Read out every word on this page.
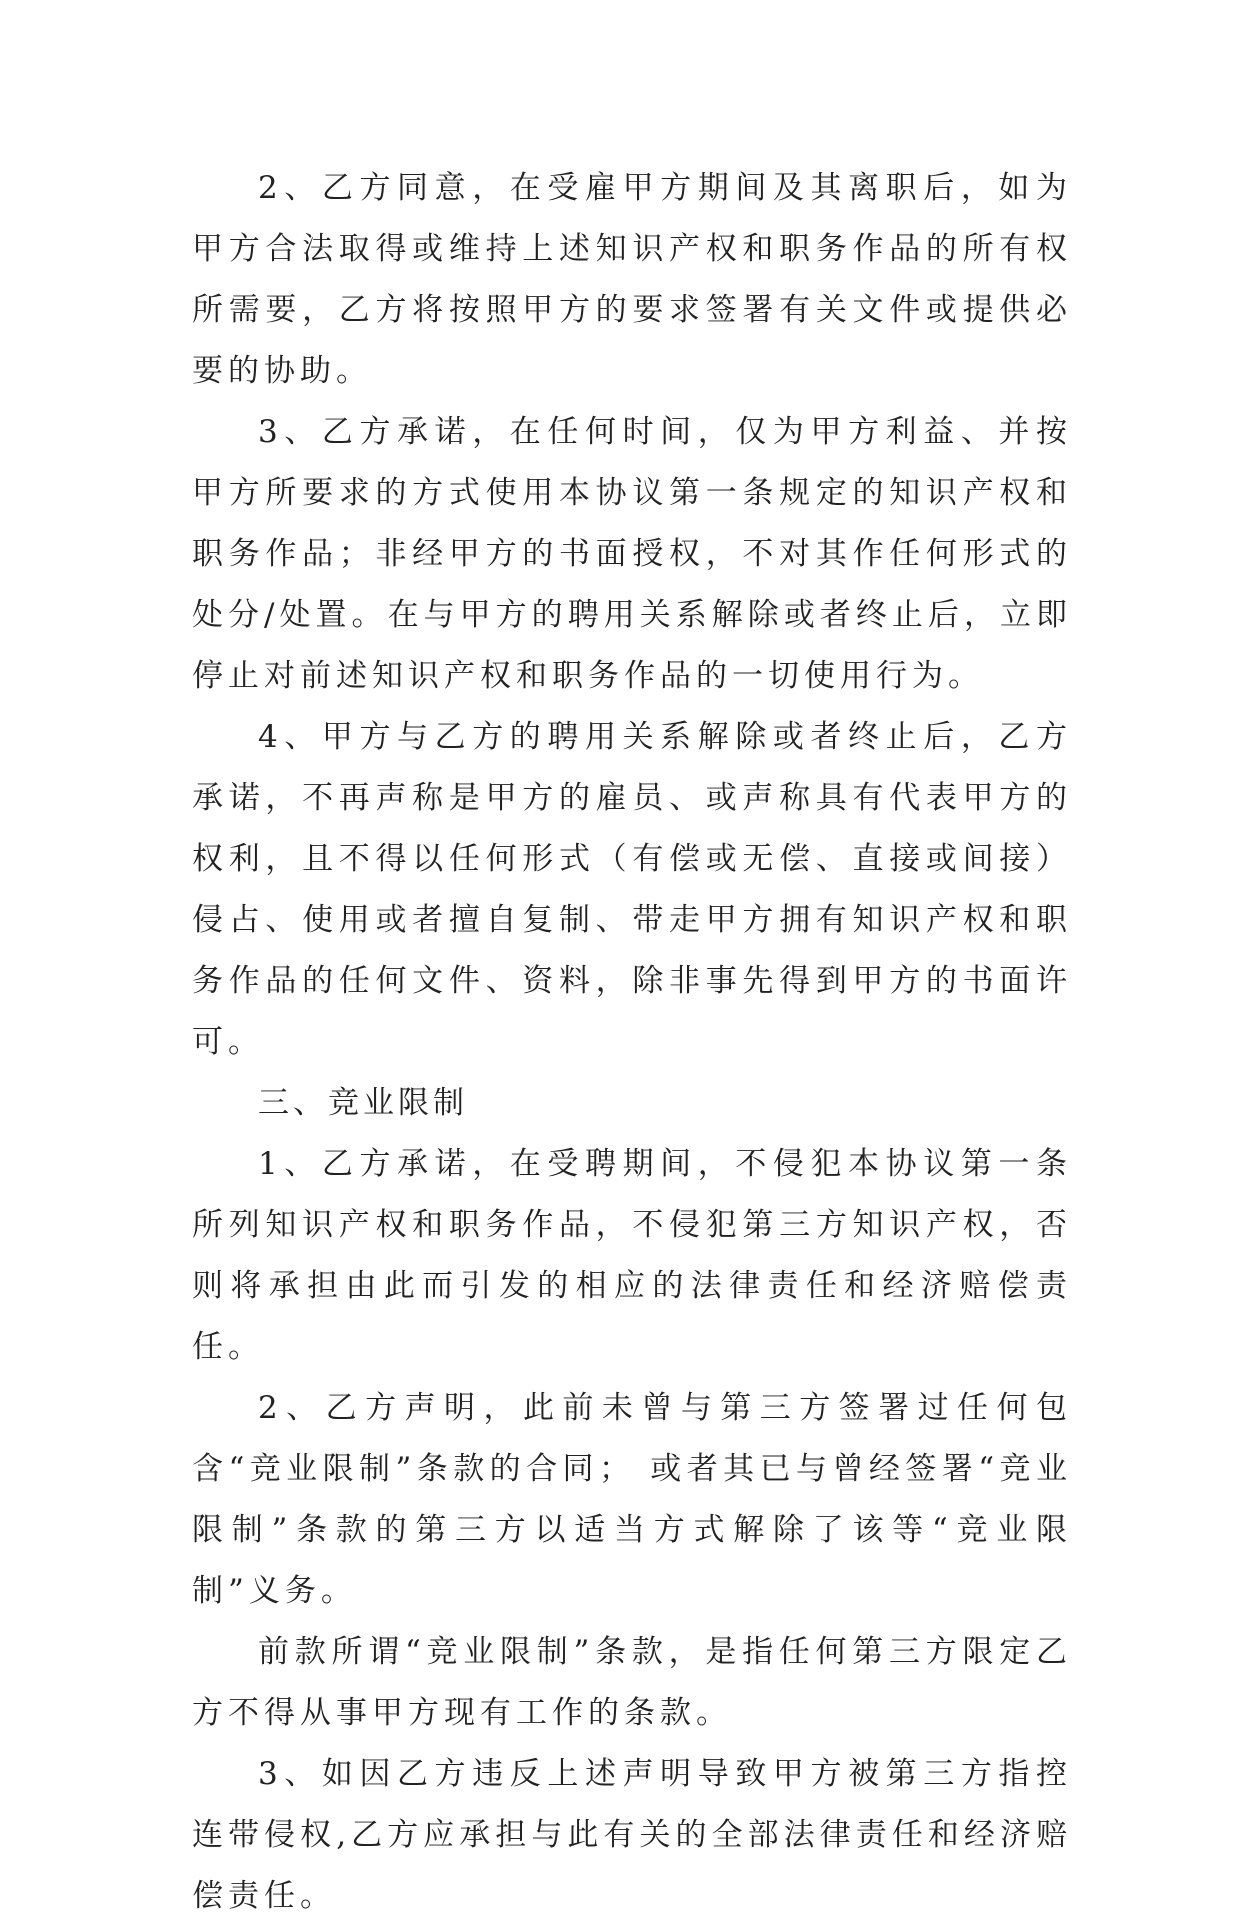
2、乙方同意，在受雇甲方期间及其离职后，如为甲方合法取得或维持上述知识产权和职务作品的所有权所需要，乙方将按照甲方的要求签署有关文件或提供必要的协助。

3、乙方承诺，在任何时间，仅为甲方利益、并按甲方所要求的方式使用本协议第一条规定的知识产权和职务作品；非经甲方的书面授权，不对其作任何形式的处分/处置。在与甲方的聘用关系解除或者终止后，立即停止对前述知识产权和职务作品的一切使用行为。

4、甲方与乙方的聘用关系解除或者终止后，乙方承诺，不再声称是甲方的雇员、或声称具有代表甲方的权利，且不得以任何形式（有偿或无偿、直接或间接）侵占、使用或者擅自复制、带走甲方拥有知识产权和职务作品的任何文件、资料，除非事先得到甲方的书面许可。

三、竞业限制

1、乙方承诺，在受聘期间，不侵犯本协议第一条所列知识产权和职务作品，不侵犯第三方知识产权，否则将承担由此而引发的相应的法律责任和经济赔偿责任。

2、乙方声明，此前未曾与第三方签署过任何包含“竞业限制”条款的合同； 或者其已与曾经签署“竞业限制”条款的第三方以适当方式解除了该等“竞业限制”义务。

前款所谓“竞业限制”条款，是指任何第三方限定乙方不得从事甲方现有工作的条款。

3、如因乙方违反上述声明导致甲方被第三方指控连带侵权,乙方应承担与此有关的全部法律责任和经济赔偿责任。
